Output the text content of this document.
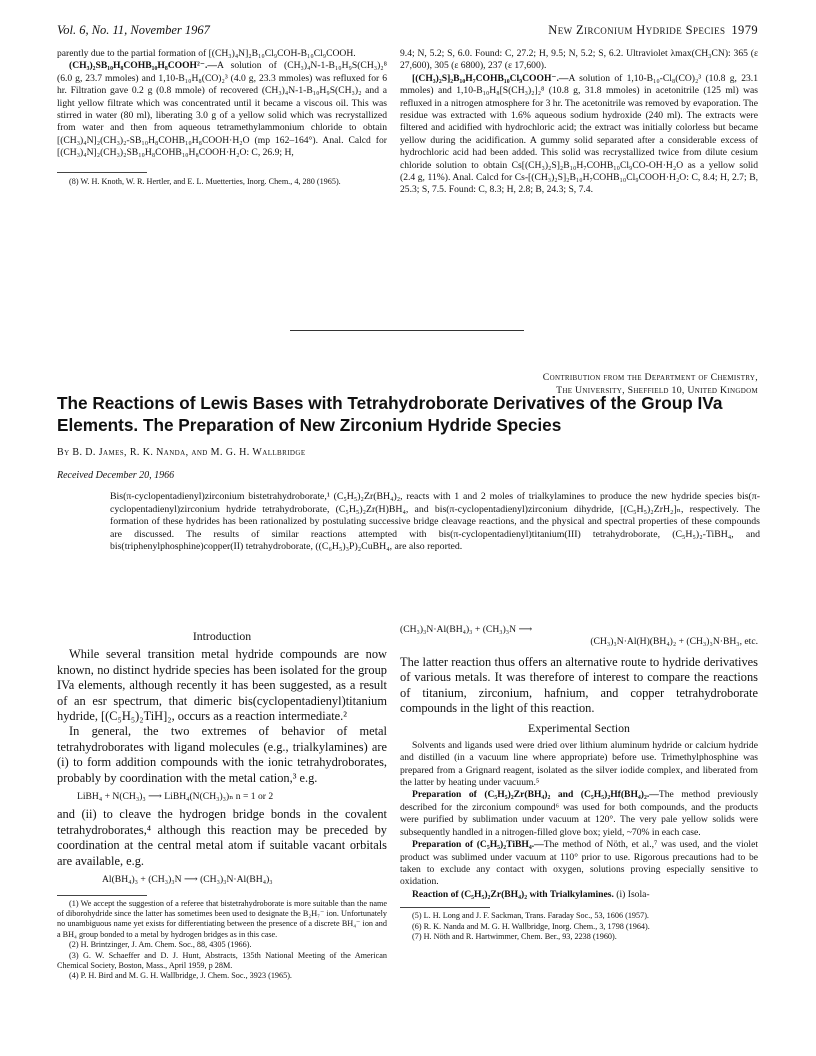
Vol. 6, No. 11, November 1967	New Zirconium Hydride Species 1979

parently due to the partial formation of [(CH₃)₄N]₂B₁₀Cl₉COH-B₁₀Cl₉COOH.

(CH₃)₂SB₁₀H₈COHB₁₀H₈COOH²⁻.—A solution of (CH₃)₄N-1-B₁₀H₉S(CH₃)₂⁸ (6.0 g, 23.7 mmoles) and 1,10-B₁₀H₈(CO)₂³ (4.0 g, 23.3 mmoles) was refluxed for 6 hr. Filtration gave 0.2 g (0.8 mmole) of recovered (CH₃)₄N-1-B₁₀H₉S(CH₃)₂ and a light yellow filtrate which was concentrated until it became a viscous oil. This was stirred in water (80 ml), liberating 3.0 g of a yellow solid which was recrystallized from water and then from aqueous tetramethylammonium chloride to obtain [(CH₃)₄N]₂(CH₃)₂-SB₁₀H₈COHB₁₀H₈COOH·H₂O (mp 162–164°). Anal. Calcd for [(CH₃)₄N]₂(CH₃)₂SB₁₀H₈COHB₁₀H₈COOH·H₂O: C, 26.9; H,

(8) W. H. Knoth, W. R. Hertler, and E. L. Muetterties, Inorg. Chem., 4, 280 (1965).

9.4; N, 5.2; S, 6.0. Found: C, 27.2; H, 9.5; N, 5.2; S, 6.2. Ultraviolet λmax(CH₃CN): 365 (ε 27,600), 305 (ε 6800), 237 (ε 17,600).

[(CH₃)₂S]₂B₁₀H₇COHB₁₀Cl₉COOH⁻.—A solution of 1,10-B₁₀-Cl₈(CO)₂³ (10.8 g, 23.1 mmoles) and 1,10-B₁₀H₈[S(CH₃)₂]₂⁸ (10.8 g, 31.8 mmoles) in acetonitrile (125 ml) was refluxed in a nitrogen atmosphere for 3 hr. The acetonitrile was removed by evaporation. The residue was extracted with 1.6% aqueous sodium hydroxide (240 ml). The extracts were filtered and acidified with hydrochloric acid; the extract was initially colorless but became yellow during the acidification. A gummy solid separated after a considerable excess of hydrochloric acid had been added. This solid was recrystallized twice from dilute cesium chloride solution to obtain Cs[(CH₃)₂S]₂B₁₀H₇COHB₁₀Cl₉CO-OH·H₂O as a yellow solid (2.4 g, 11%). Anal. Calcd for Cs-[(CH₃)₂S]₂B₁₀H₇COHB₁₀Cl₉COOH·H₂O: C, 8.4; H, 2.7; B, 25.3; S, 7.5. Found: C, 8.3; H, 2.8; B, 24.3; S, 7.4.

Contribution from the Department of Chemistry,
The University, Sheffield 10, United Kingdom
The Reactions of Lewis Bases with Tetrahydroborate Derivatives of the Group IVa Elements. The Preparation of New Zirconium Hydride Species
By B. D. James, R. K. Nanda, and M. G. H. Wallbridge
Received December 20, 1966
Bis(π-cyclopentadienyl)zirconium bistetrahydroborate,¹ (C₅H₅)₂Zr(BH₄)₂, reacts with 1 and 2 moles of trialkylamines to produce the new hydride species bis(π-cyclopentadienyl)zirconium hydride tetrahydroborate, (C₅H₅)₂Zr(H)BH₄, and bis(π-cyclopentadienyl)zirconium dihydride, [(C₅H₅)₂ZrH₂]ₙ, respectively. The formation of these hydrides has been rationalized by postulating successive bridge cleavage reactions, and the physical and spectral properties of these compounds are discussed. The results of similar reactions attempted with bis(π-cyclopentadienyl)titanium(III) tetrahydroborate, (C₅H₅)₂-TiBH₄, and bis(triphenylphosphine)copper(II) tetrahydroborate, ((C₆H₅)₃P)₂CuBH₄, are also reported.
Introduction

While several transition metal hydride compounds are now known, no distinct hydride species has been isolated for the group IVa elements, although recently it has been suggested, as a result of an esr spectrum, that dimeric bis(cyclopentadienyl)titanium hydride, [(C₅H₅)₂TiH]₂, occurs as a reaction intermediate.²

In general, the two extremes of behavior of metal tetrahydroborates with ligand molecules (e.g., trialkylamines) are (i) to form addition compounds with the ionic tetrahydroborates, probably by coordination with the metal cation,³ e.g.

LiBH₄ + N(CH₃)₃ ⟶ LiBH₄(N(CH₃)₃)ₙ n = 1 or 2

and (ii) to cleave the hydrogen bridge bonds in the covalent tetrahydroborates,⁴ although this reaction may be preceded by coordination at the central metal atom if suitable vacant orbitals are available, e.g.

Al(BH₄)₃ + (CH₃)₃N ⟶ (CH₃)₃N·Al(BH₄)₃

(1) We accept the suggestion of a referee that bistetrahydroborate is more suitable than the name of diborohydride since the latter has sometimes been used to designate the B₂H₇⁻ ion. Unfortunately no unambiguous name yet exists for differentiating between the presence of a discrete BH₄⁻ ion and a BH₄ group bonded to a metal by hydrogen bridges as in this case.

(2) H. Brintzinger, J. Am. Chem. Soc., 88, 4305 (1966).

(3) G. W. Schaeffer and D. J. Hunt, Abstracts, 135th National Meeting of the American Chemical Society, Boston, Mass., April 1959, p 28M.

(4) P. H. Bird and M. G. H. Wallbridge, J. Chem. Soc., 3923 (1965).

(CH₃)₃N·Al(BH₄)₃ + (CH₃)₃N ⟶
(CH₃)₃N·Al(H)(BH₄)₂ + (CH₃)₃N·BH₃, etc.

The latter reaction thus offers an alternative route to hydride derivatives of various metals. It was therefore of interest to compare the reactions of titanium, zirconium, hafnium, and copper tetrahydroborate compounds in the light of this reaction.

Experimental Section

Solvents and ligands used were dried over lithium aluminum hydride or calcium hydride and distilled (in a vacuum line where appropriate) before use. Trimethylphosphine was prepared from a Grignard reagent, isolated as the silver iodide complex, and liberated from the latter by heating under vacuum.⁵

Preparation of (C₅H₅)₂Zr(BH₄)₂ and (C₅H₅)₂Hf(BH₄)₂.—The method previously described for the zirconium compound⁶ was used for both compounds, and the products were purified by sublimation under vacuum at 120°. The very pale yellow solids were subsequently handled in a nitrogen-filled glove box; yield, ~70% in each case.

Preparation of (C₅H₅)₂TiBH₄.—The method of Nöth, et al.,⁷ was used, and the violet product was sublimed under vacuum at 110° prior to use. Rigorous precautions had to be taken to exclude any contact with oxygen, solutions proving especially sensitive to oxidation.

Reaction of (C₅H₅)₂Zr(BH₄)₂ with Trialkylamines. (i) Isola-

(5) L. H. Long and J. F. Sackman, Trans. Faraday Soc., 53, 1606 (1957).

(6) R. K. Nanda and M. G. H. Wallbridge, Inorg. Chem., 3, 1798 (1964).

(7) H. Nöth and R. Hartwimmer, Chem. Ber., 93, 2238 (1960).
